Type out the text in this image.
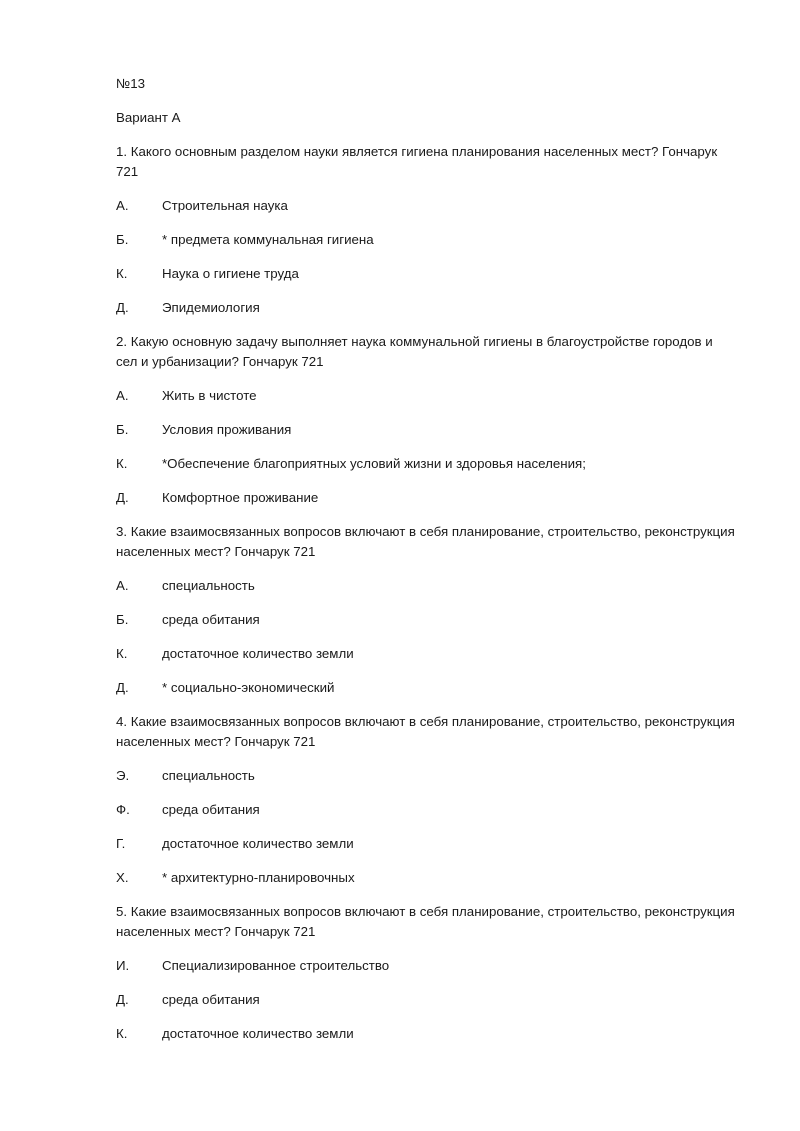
№13

Вариант А

1. Какого основным разделом науки является гигиена планирования населенных мест? Гончарук 721

А.	Строительная наука
Б.	* предмета коммунальная гигиена
К.	Наука о гигиене труда
Д.	Эпидемиология

2. Какую основную задачу выполняет наука коммунальной гигиены в благоустройстве городов и сел и урбанизации? Гончарук 721

А.	Жить в чистоте
Б.	Условия проживания
К.	*Обеспечение благоприятных условий жизни и здоровья населения;
Д.	Комфортное проживание

3. Какие взаимосвязанных вопросов включают в себя планирование, строительство, реконструкция населенных мест? Гончарук 721

А.	специальность
Б.	среда обитания
К.	достаточное количество земли
Д.	* социально-экономический

4. Какие взаимосвязанных вопросов включают в себя планирование, строительство, реконструкция населенных мест? Гончарук 721

Э.	специальность
Ф.	среда обитания
Г.	достаточное количество земли
Х.	* архитектурно-планировочных

5. Какие взаимосвязанных вопросов включают в себя планирование, строительство, реконструкция населенных мест? Гончарук 721

И.	Специализированное строительство
Д.	среда обитания
К.	достаточное количество земли
